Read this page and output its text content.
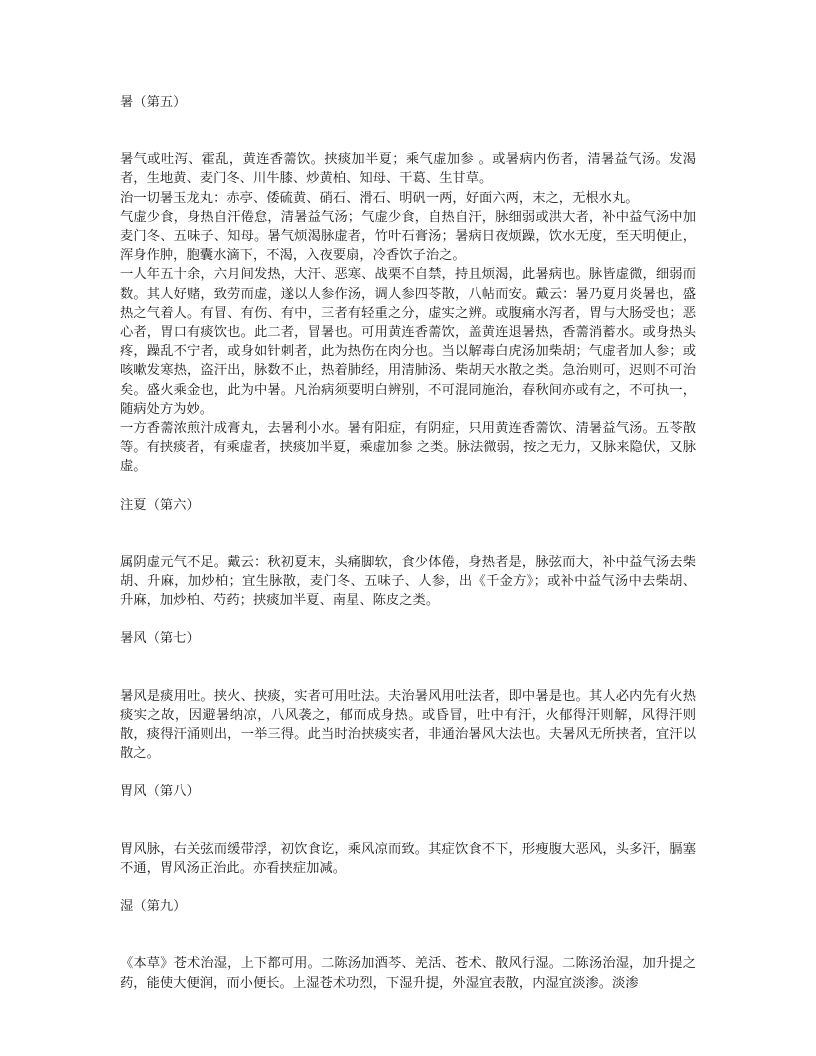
暑（第五）

暑气或吐泻、霍乱，黄连香薷饮。挟痰加半夏；乘气虚加参 。或暑病内伤者，清暑益气汤。发渴者，生地黄、麦门冬、川牛膝、炒黄柏、知母、干葛、生甘草。

治一切暑玉龙丸：赤亭、倭硫黄、硝石、滑石、明矾一两，好面六两，末之，无根水丸。

气虚少食，身热自汗倦怠，清暑益气汤；气虚少食，自热自汗，脉细弱或洪大者，补中益气汤中加麦门冬、五味子、知母。暑气烦渴脉虚者，竹叶石膏汤；暑病日夜烦躁，饮水无度，至天明便止，浑身作肿，胞囊水滴下，不渴，入夜要扇，冷香饮子治之。

一人年五十余，六月间发热，大汗、恶寒、战栗不自禁，持且烦渴，此暑病也。脉皆虚微，细弱而数。其人好赌，致劳而虚，遂以人参作汤，调人参四苓散，八帖而安。戴云：暑乃夏月炎暑也，盛热之气着人。有冒、有伤、有中，三者有轻重之分，虚实之辨。或腹痛水泻者，胃与大肠受也；恶心者，胃口有痰饮也。此二者，冒暑也。可用黄连香薷饮，盖黄连退暑热，香薷消蓄水。或身热头疼，躁乱不宁者，或身如针刺者，此为热伤在肉分也。当以解毒白虎汤加柴胡；气虚者加人参；或咳嗽发寒热，盗汗出，脉数不止，热着肺经，用清肺汤、柴胡天水散之类。急治则可，迟则不可治矣。盛火乘金也，此为中暑。凡治病须要明白辨别，不可混同施治，春秋间亦或有之，不可执一，随病处方为妙。

一方香薷浓煎汁成膏丸，去暑利小水。暑有阳症，有阴症，只用黄连香薷饮、清暑益气汤。五苓散等。有挟痰者，有乘虚者，挟痰加半夏，乘虚加参 之类。脉法微弱，按之无力，又脉来隐伏，又脉虚。

注夏（第六）

属阴虚元气不足。戴云：秋初夏末，头痛脚软，食少体倦，身热者是，脉弦而大，补中益气汤去柴胡、升麻，加炒柏；宜生脉散，麦门冬、五味子、人参，出《千金方》；或补中益气汤中去柴胡、升麻，加炒柏、芍药；挟痰加半夏、南星、陈皮之类。

暑风（第七）

暑风是痰用吐。挟火、挟痰，实者可用吐法。夫治暑风用吐法者，即中暑是也。其人必内先有火热痰实之故，因避暑纳凉，八风袭之，郁而成身热。或昏冒，吐中有汗，火郁得汗则解，风得汗则散，痰得汗涌则出，一举三得。此当时治挟痰实者，非通治暑风大法也。夫暑风无所挟者，宜汗以散之。

胃风（第八）

胃风脉，右关弦而缓带浮，初饮食讫，乘风凉而致。其症饮食不下，形瘦腹大恶风，头多汗，膈塞不通，胃风汤正治此。亦看挟症加减。

湿（第九）

《本草》苍术治湿，上下都可用。二陈汤加酒芩、羌活、苍术、散风行湿。二陈汤治湿，加升提之药，能使大便润，而小便长。上湿苍术功烈，下湿升提，外湿宜表散，内湿宜淡渗。淡渗
